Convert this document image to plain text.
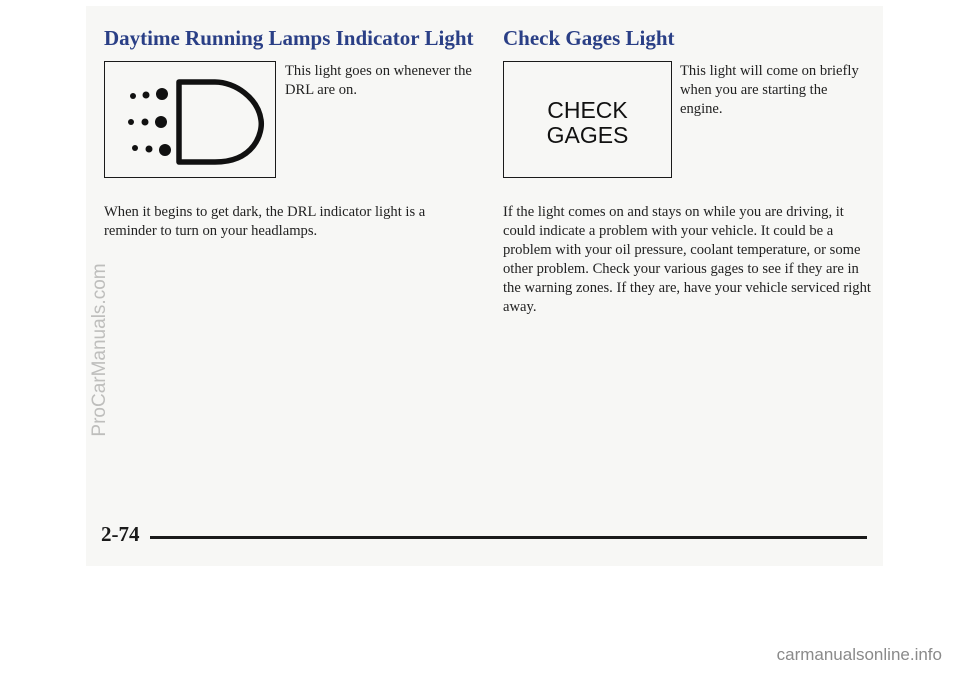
Daytime Running Lamps Indicator Light

This light goes on whenever the DRL are on.

When it begins to get dark, the DRL indicator light is a reminder to turn on your headlamps.

Check Gages Light
CHECK
GAGES

This light will come on briefly when you are starting the engine.

If the light comes on and stays on while you are driving, it could indicate a problem with your vehicle. It could be a problem with your oil pressure, coolant temperature, or some other problem. Check your various gages to see if they are in the warning zones. If they are, have your vehicle serviced right away.

2-74
ProCarManuals.com
carmanualsonline.info
